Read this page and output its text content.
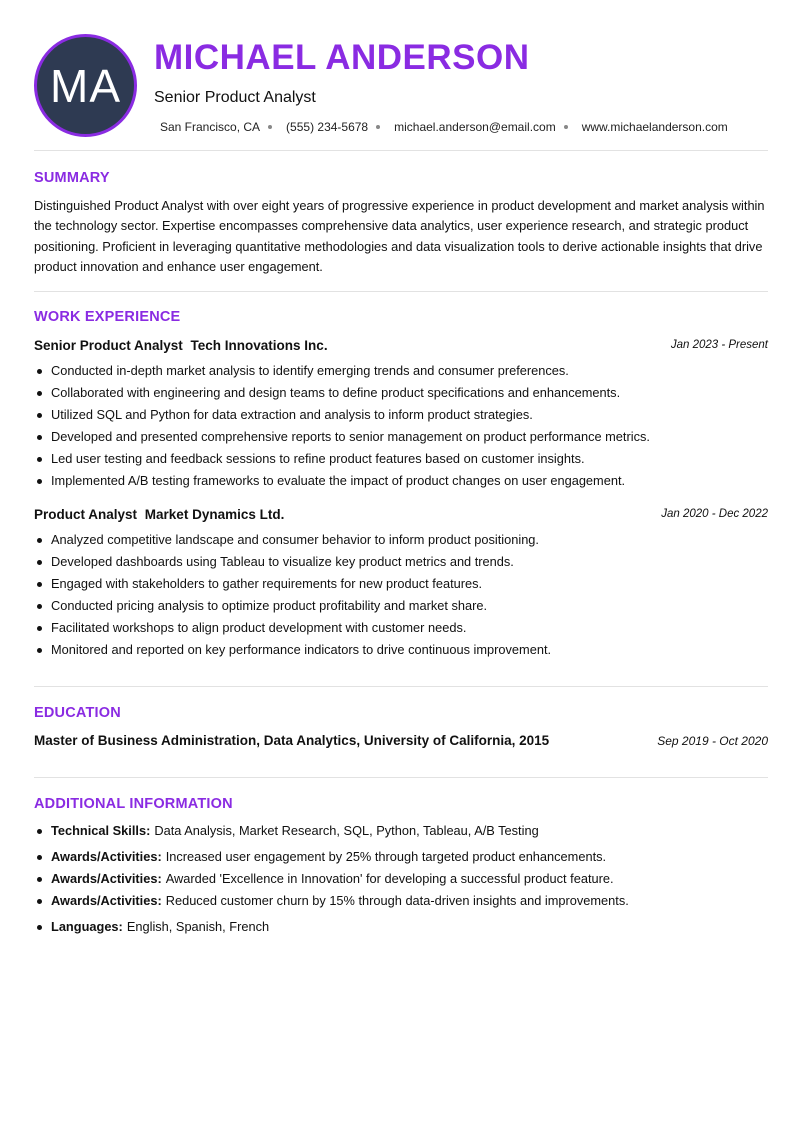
MA
MICHAEL ANDERSON
Senior Product Analyst
San Francisco, CA (555) 234-5678 michael.anderson@email.com www.michaelanderson.com
SUMMARY
Distinguished Product Analyst with over eight years of progressive experience in product development and market analysis within the technology sector. Expertise encompasses comprehensive data analytics, user experience research, and strategic product positioning. Proficient in leveraging quantitative methodologies and data visualization tools to derive actionable insights that drive product innovation and enhance user engagement.
WORK EXPERIENCE
Senior Product Analyst Tech Innovations Inc.	Jan 2023 - Present
Conducted in-depth market analysis to identify emerging trends and consumer preferences.
Collaborated with engineering and design teams to define product specifications and enhancements.
Utilized SQL and Python for data extraction and analysis to inform product strategies.
Developed and presented comprehensive reports to senior management on product performance metrics.
Led user testing and feedback sessions to refine product features based on customer insights.
Implemented A/B testing frameworks to evaluate the impact of product changes on user engagement.
Product Analyst Market Dynamics Ltd.	Jan 2020 - Dec 2022
Analyzed competitive landscape and consumer behavior to inform product positioning.
Developed dashboards using Tableau to visualize key product metrics and trends.
Engaged with stakeholders to gather requirements for new product features.
Conducted pricing analysis to optimize product profitability and market share.
Facilitated workshops to align product development with customer needs.
Monitored and reported on key performance indicators to drive continuous improvement.
EDUCATION
Master of Business Administration, Data Analytics, University of California, 2015	Sep 2019 - Oct 2020
ADDITIONAL INFORMATION
Technical Skills: Data Analysis, Market Research, SQL, Python, Tableau, A/B Testing
Awards/Activities: Increased user engagement by 25% through targeted product enhancements.
Awards/Activities: Awarded 'Excellence in Innovation' for developing a successful product feature.
Awards/Activities: Reduced customer churn by 15% through data-driven insights and improvements.
Languages: English, Spanish, French
